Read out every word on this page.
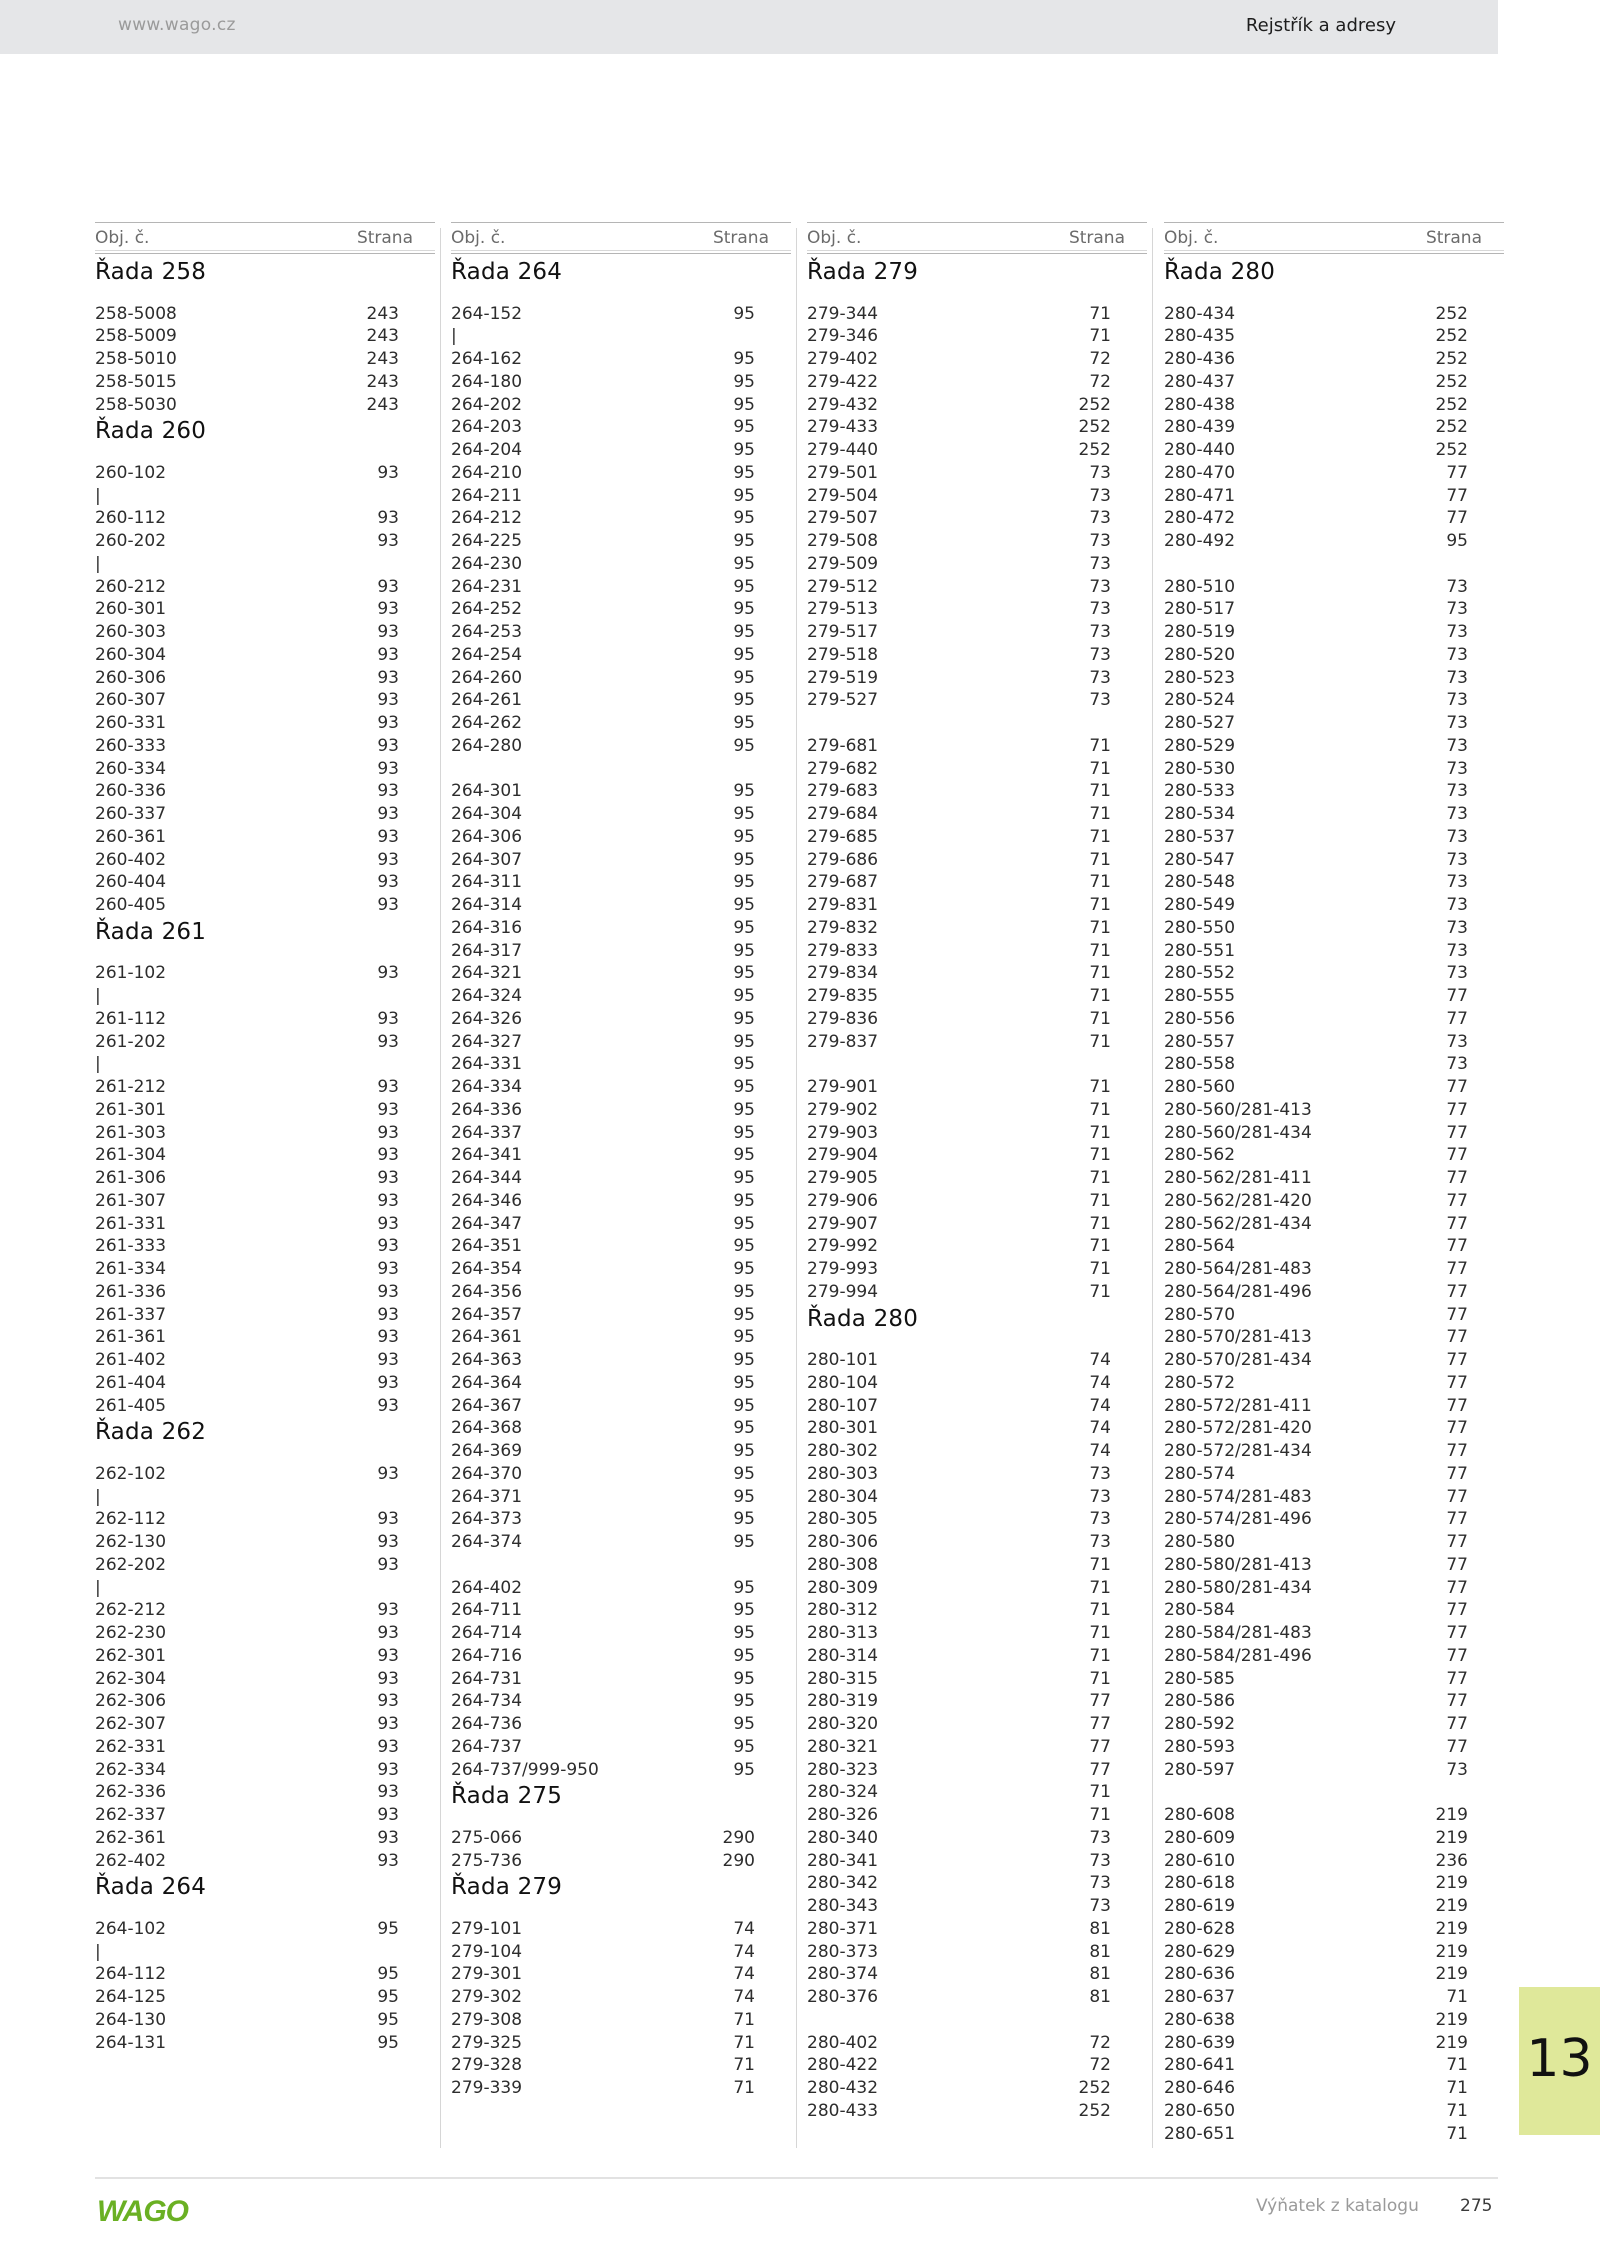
www.wago.cz	Rejstřík a adresy
Obj. č.	Strana
Řada 258
258-5008	243
258-5009	243
258-5010	243
258-5015	243
258-5030	243
Řada 260
260-102	93
|
260-112	93
260-202	93
|
260-212	93
260-301	93
260-303	93
260-304	93
260-306	93
260-307	93
260-331	93
260-333	93
260-334	93
260-336	93
260-337	93
260-361	93
260-402	93
260-404	93
260-405	93
Řada 261
261-102	93
|
261-112	93
261-202	93
|
261-212	93
261-301	93
261-303	93
261-304	93
261-306	93
261-307	93
261-331	93
261-333	93
261-334	93
261-336	93
261-337	93
261-361	93
261-402	93
261-404	93
261-405	93
Řada 262
262-102	93
|
262-112	93
262-130	93
262-202	93
|
262-212	93
262-230	93
262-301	93
262-304	93
262-306	93
262-307	93
262-331	93
262-334	93
262-336	93
262-337	93
262-361	93
262-402	93
Řada 264
264-102	95
|
264-112	95
264-125	95
264-130	95
264-131	95
Obj. č.	Strana
Řada 264
264-152	95
|
264-162	95
264-180	95
264-202	95
264-203	95
264-204	95
264-210	95
264-211	95
264-212	95
264-225	95
264-230	95
264-231	95
264-252	95
264-253	95
264-254	95
264-260	95
264-261	95
264-262	95
264-280	95
264-301	95
264-304	95
264-306	95
264-307	95
264-311	95
264-314	95
264-316	95
264-317	95
264-321	95
264-324	95
264-326	95
264-327	95
264-331	95
264-334	95
264-336	95
264-337	95
264-341	95
264-344	95
264-346	95
264-347	95
264-351	95
264-354	95
264-356	95
264-357	95
264-361	95
264-363	95
264-364	95
264-367	95
264-368	95
264-369	95
264-370	95
264-371	95
264-373	95
264-374	95
264-402	95
264-711	95
264-714	95
264-716	95
264-731	95
264-734	95
264-736	95
264-737	95
264-737/999-950	95
Řada 275
275-066	290
275-736	290
Řada 279
279-101	74
279-104	74
279-301	74
279-302	74
279-308	71
279-325	71
279-328	71
279-339	71
Obj. č.	Strana
Řada 279
279-344	71
279-346	71
279-402	72
279-422	72
279-432	252
279-433	252
279-440	252
279-501	73
279-504	73
279-507	73
279-508	73
279-509	73
279-512	73
279-513	73
279-517	73
279-518	73
279-519	73
279-527	73
279-681	71
279-682	71
279-683	71
279-684	71
279-685	71
279-686	71
279-687	71
279-831	71
279-832	71
279-833	71
279-834	71
279-835	71
279-836	71
279-837	71
279-901	71
279-902	71
279-903	71
279-904	71
279-905	71
279-906	71
279-907	71
279-992	71
279-993	71
279-994	71
Řada 280
280-101	74
280-104	74
280-107	74
280-301	74
280-302	74
280-303	73
280-304	73
280-305	73
280-306	73
280-308	71
280-309	71
280-312	71
280-313	71
280-314	71
280-315	71
280-319	77
280-320	77
280-321	77
280-323	77
280-324	71
280-326	71
280-340	73
280-341	73
280-342	73
280-343	73
280-371	81
280-373	81
280-374	81
280-376	81
280-402	72
280-422	72
280-432	252
280-433	252
Obj. č.	Strana
Řada 280
280-434	252
280-435	252
280-436	252
280-437	252
280-438	252
280-439	252
280-440	252
280-470	77
280-471	77
280-472	77
280-492	95
280-510	73
280-517	73
280-519	73
280-520	73
280-523	73
280-524	73
280-527	73
280-529	73
280-530	73
280-533	73
280-534	73
280-537	73
280-547	73
280-548	73
280-549	73
280-550	73
280-551	73
280-552	73
280-555	77
280-556	77
280-557	73
280-558	73
280-560	77
280-560/281-413	77
280-560/281-434	77
280-562	77
280-562/281-411	77
280-562/281-420	77
280-562/281-434	77
280-564	77
280-564/281-483	77
280-564/281-496	77
280-570	77
280-570/281-413	77
280-570/281-434	77
280-572	77
280-572/281-411	77
280-572/281-420	77
280-572/281-434	77
280-574	77
280-574/281-483	77
280-574/281-496	77
280-580	77
280-580/281-413	77
280-580/281-434	77
280-584	77
280-584/281-483	77
280-584/281-496	77
280-585	77
280-586	77
280-592	77
280-593	77
280-597	73
280-608	219
280-609	219
280-610	236
280-618	219
280-619	219
280-628	219
280-629	219
280-636	219
280-637	71
280-638	219
280-639	219
280-641	71
280-646	71
280-650	71
280-651	71
13
WAGO	Výňatek z katalogu 275
